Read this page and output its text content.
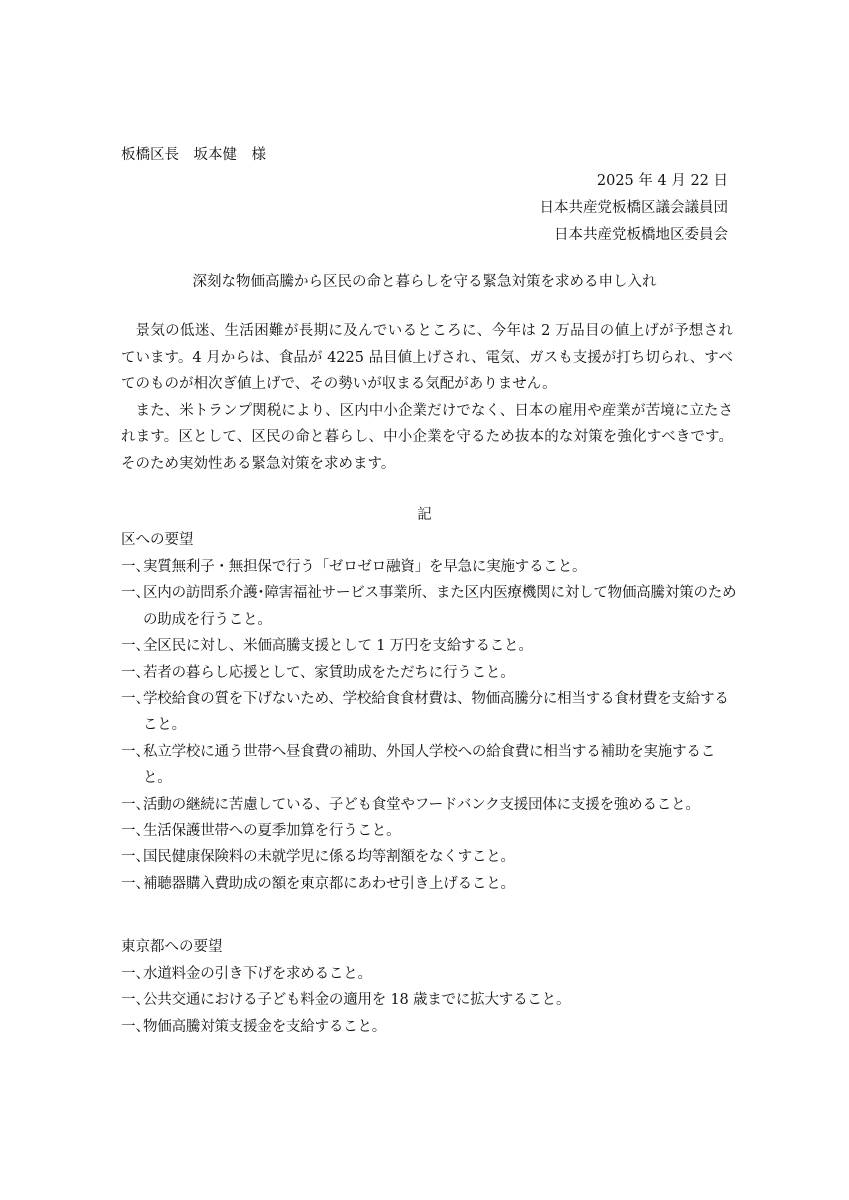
板橋区長　坂本健　様
2025 年 4 月 22 日
日本共産党板橋区議会議員団
日本共産党板橋地区委員会
深刻な物価高騰から区民の命と暮らしを守る緊急対策を求める申し入れ

景気の低迷、生活困難が長期に及んでいるところに、今年は 2 万品目の値上げが予想されています。4 月からは、食品が 4225 品目値上げされ、電気、ガスも支援が打ち切られ、すべてのものが相次ぎ値上げで、その勢いが収まる気配がありません。

また、米トランプ関税により、区内中小企業だけでなく、日本の雇用や産業が苦境に立たされます。区として、区民の命と暮らし、中小企業を守るため抜本的な対策を強化すべきです。そのため実効性ある緊急対策を求めます。

記
区への要望
一、
実質無利子・無担保で行う「ゼロゼロ融資」を早急に実施すること。
一、
区内の訪問系介護･障害福祉サービス事業所、また区内医療機関に対して物価高騰対策のための助成を行うこと。
一、
全区民に対し、米価高騰支援として 1 万円を支給すること。
一、
若者の暮らし応援として、家賃助成をただちに行うこと。
一、
学校給食の質を下げないため、学校給食食材費は、物価高騰分に相当する食材費を支給すること。
一、
私立学校に通う世帯へ昼食費の補助、外国人学校への給食費に相当する補助を実施すること。
一、
活動の継続に苦慮している、子ども食堂やフードバンク支援団体に支援を強めること。
一、
生活保護世帯への夏季加算を行うこと。
一、
国民健康保険料の未就学児に係る均等割額をなくすこと。
一、
補聴器購入費助成の額を東京都にあわせ引き上げること。
東京都への要望
一、
水道料金の引き下げを求めること。
一、
公共交通における子ども料金の適用を 18 歳までに拡大すること。
一、
物価高騰対策支援金を支給すること。
